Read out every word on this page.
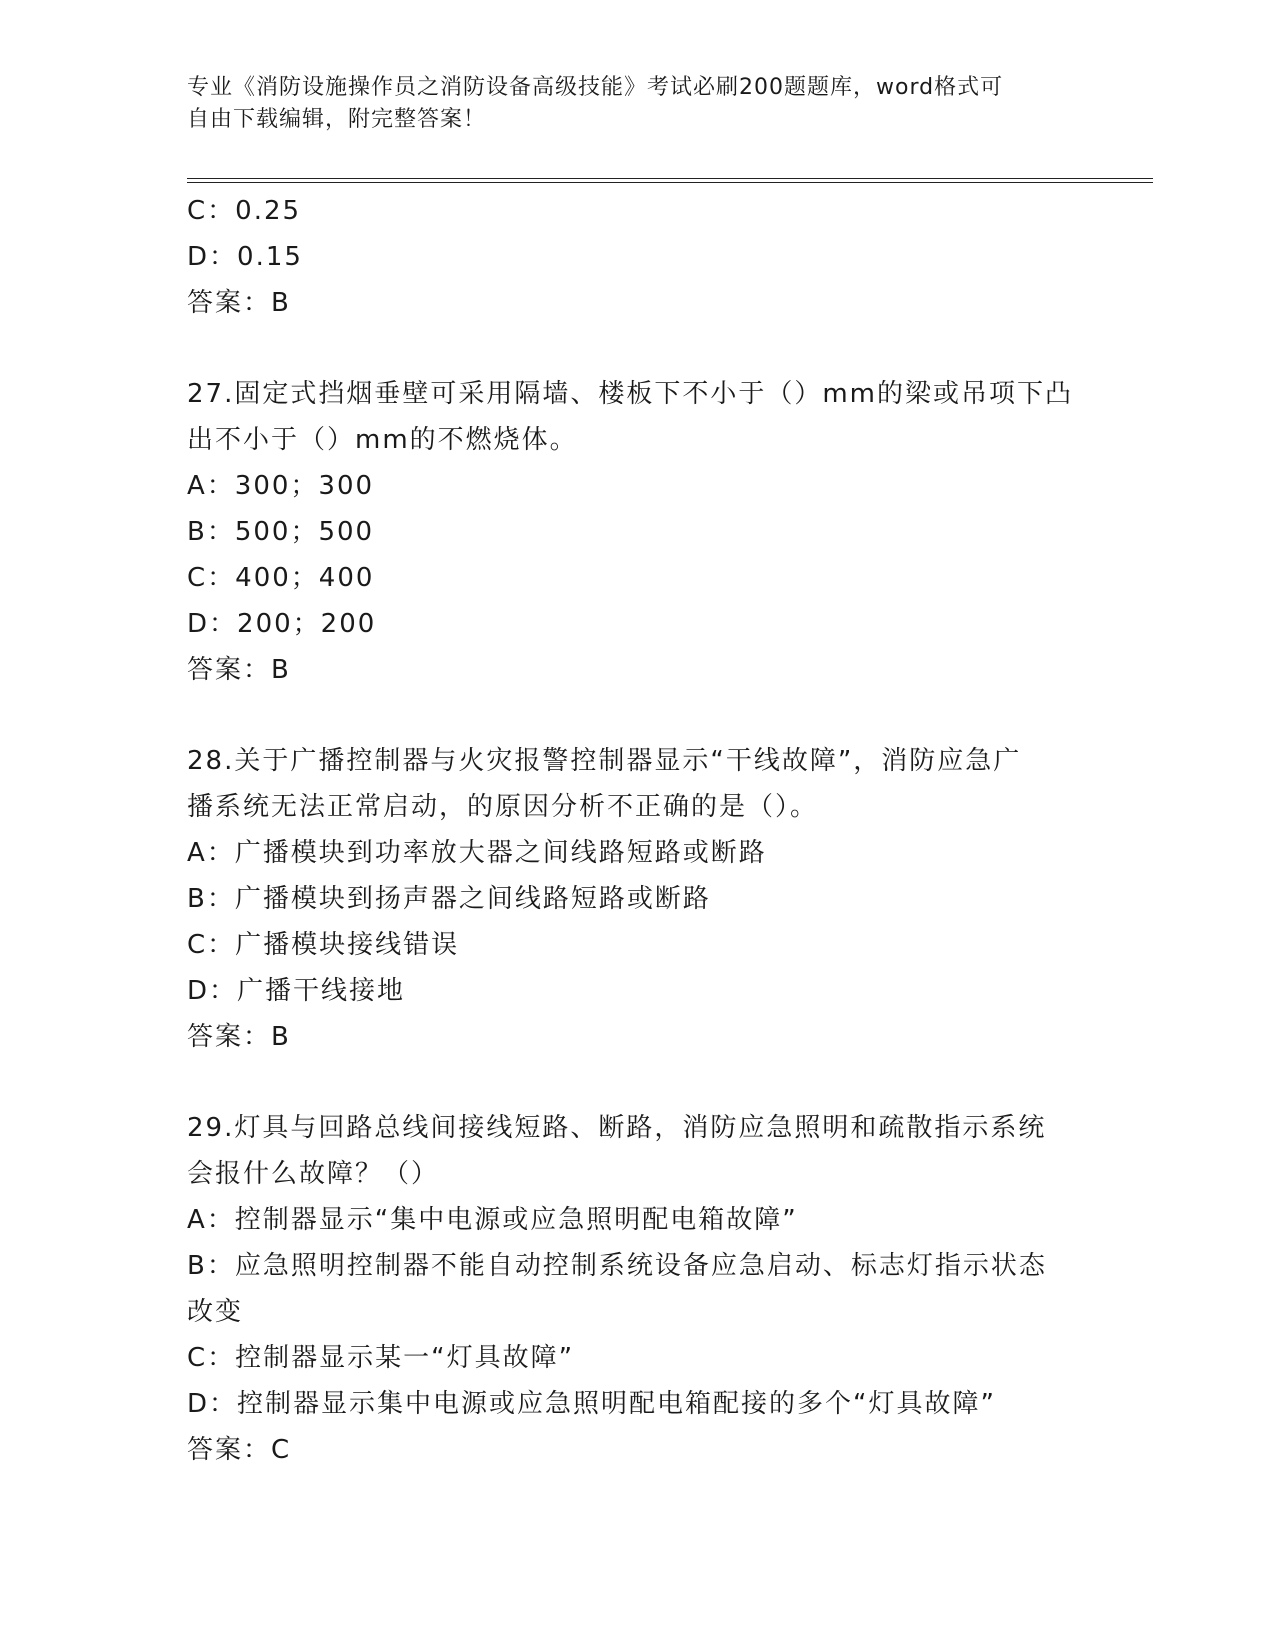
专业《消防设施操作员之消防设备高级技能》考试必刷200题题库，word格式可
自由下载编辑，附完整答案！
C：0.25
D：0.15
答案：B
27.固定式挡烟垂壁可采用隔墙、楼板下不小于（）mm的梁或吊项下凸
出不小于（）mm的不燃烧体。
A：300；300
B：500；500
C：400；400
D：200；200
答案：B
28.关于广播控制器与火灾报警控制器显示“干线故障”，消防应急广
播系统无法正常启动，的原因分析不正确的是（）。
A：广播模块到功率放大器之间线路短路或断路
B：广播模块到扬声器之间线路短路或断路
C：广播模块接线错误
D：广播干线接地
答案：B
29.灯具与回路总线间接线短路、断路，消防应急照明和疏散指示系统
会报什么故障？（）
A：控制器显示“集中电源或应急照明配电箱故障”
B：应急照明控制器不能自动控制系统设备应急启动、标志灯指示状态
改变
C：控制器显示某一“灯具故障”
D：控制器显示集中电源或应急照明配电箱配接的多个“灯具故障”
答案：C
